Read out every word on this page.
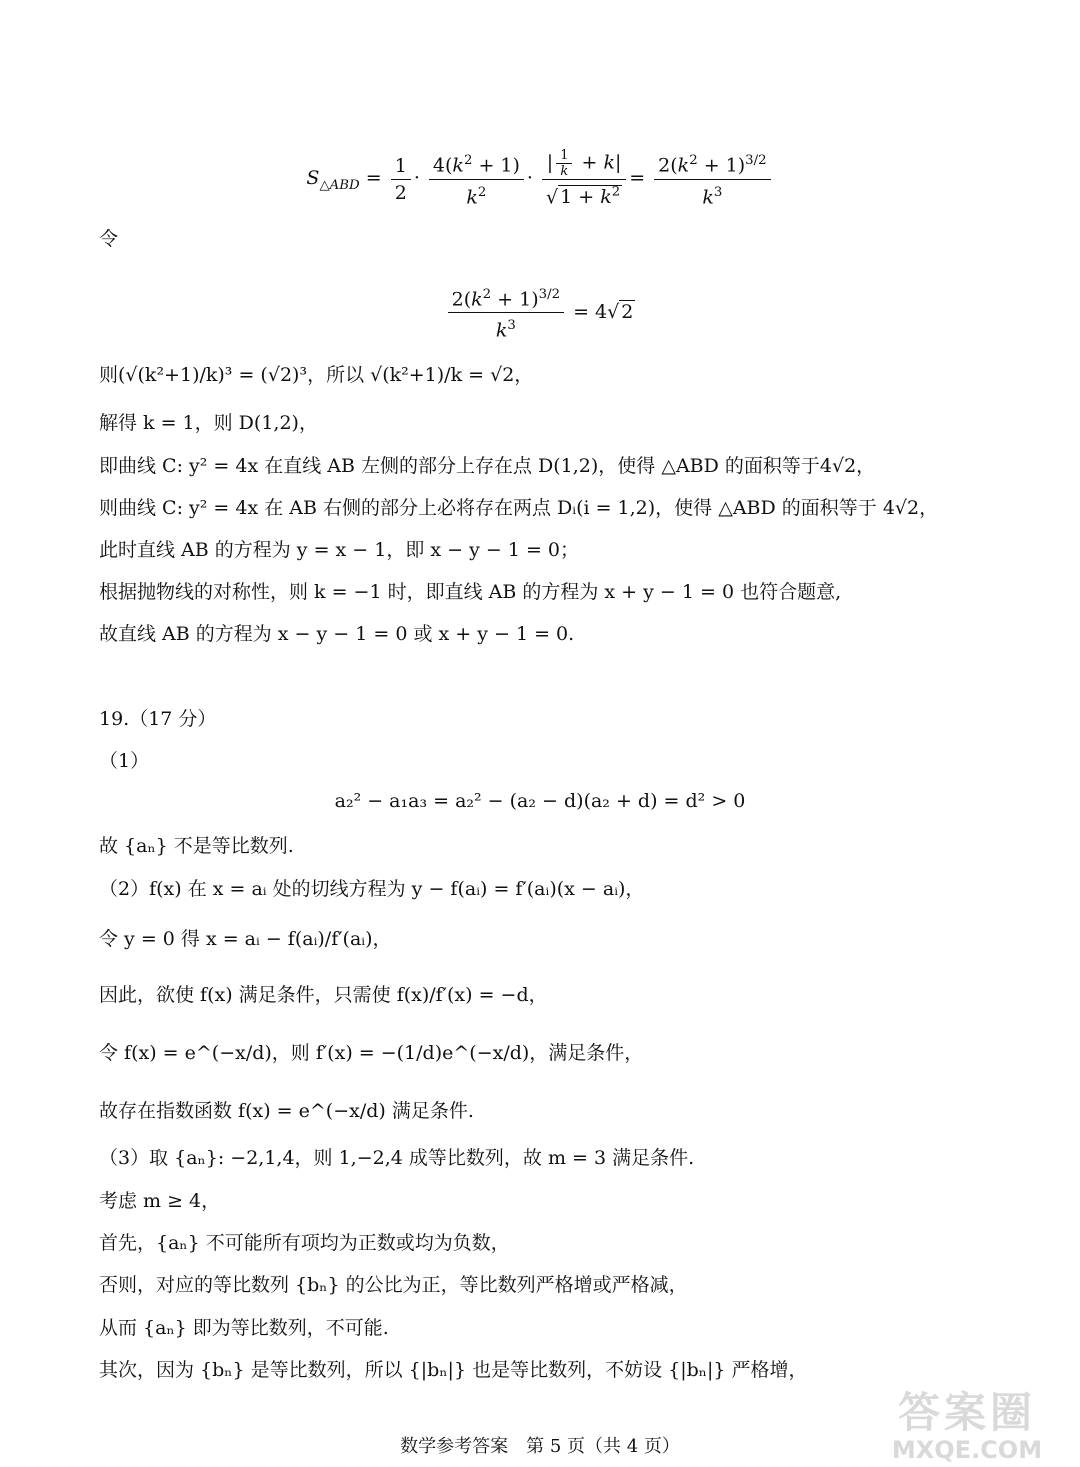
$S_{\triangle ABD} = \frac{1}{2} \cdot \frac{4(k^2 + 1)}{k^2} \cdot \frac{| \frac{1}{k} + k|}{√ 1 + k^2} = \frac{2(k^2 + 1)^{3/2}}{k^3}$
令
$\frac{2(k^2 + 1)^{3/2}}{k^3} = 4√$ 2
则(√(k²+1)/k)³ = (√2)³，所以 √(k²+1)/k = √2，
解得 k = 1，则 D(1,2)，
即曲线 C: y² = 4x 在直线 AB 左侧的部分上存在点 D(1,2)，使得 △ABD 的面积等于4√2，
则曲线 C: y² = 4x 在 AB 右侧的部分上必将存在两点 Dᵢ(i = 1,2)，使得 △ABD 的面积等于 4√2，
此时直线 AB 的方程为 y = x − 1，即 x − y − 1 = 0；
根据抛物线的对称性，则 k = −1 时，即直线 AB 的方程为 x + y − 1 = 0 也符合题意,
故直线 AB 的方程为 x − y − 1 = 0 或 x + y − 1 = 0.
19.（17 分）
（1）
a₂² − a₁a₃ = a₂² − (a₂ − d)(a₂ + d) = d² > 0
故 {aₙ} 不是等比数列.
（2）f(x) 在 x = aᵢ 处的切线方程为 y − f(aᵢ) = f′(aᵢ)(x − aᵢ)，
令 y = 0 得 x = aᵢ − f(aᵢ)/f′(aᵢ)，
因此，欲使 f(x) 满足条件，只需使 f(x)/f′(x) = −d，
令 f(x) = e^(−x/d)，则 f′(x) = −(1/d)e^(−x/d)，满足条件，
故存在指数函数 f(x) = e^(−x/d) 满足条件.
（3）取 {aₙ}: −2,1,4，则 1,−2,4 成等比数列，故 m = 3 满足条件.
考虑 m ≥ 4，
首先，{aₙ} 不可能所有项均为正数或均为负数，
否则，对应的等比数列 {bₙ} 的公比为正，等比数列严格增或严格减，
从而 {aₙ} 即为等比数列，不可能.
其次，因为 {bₙ} 是等比数列，所以 {|bₙ|} 也是等比数列，不妨设 {|bₙ|} 严格增，
数学参考答案　第 5 页（共 4 页）
答案圈
MXQE.COM
